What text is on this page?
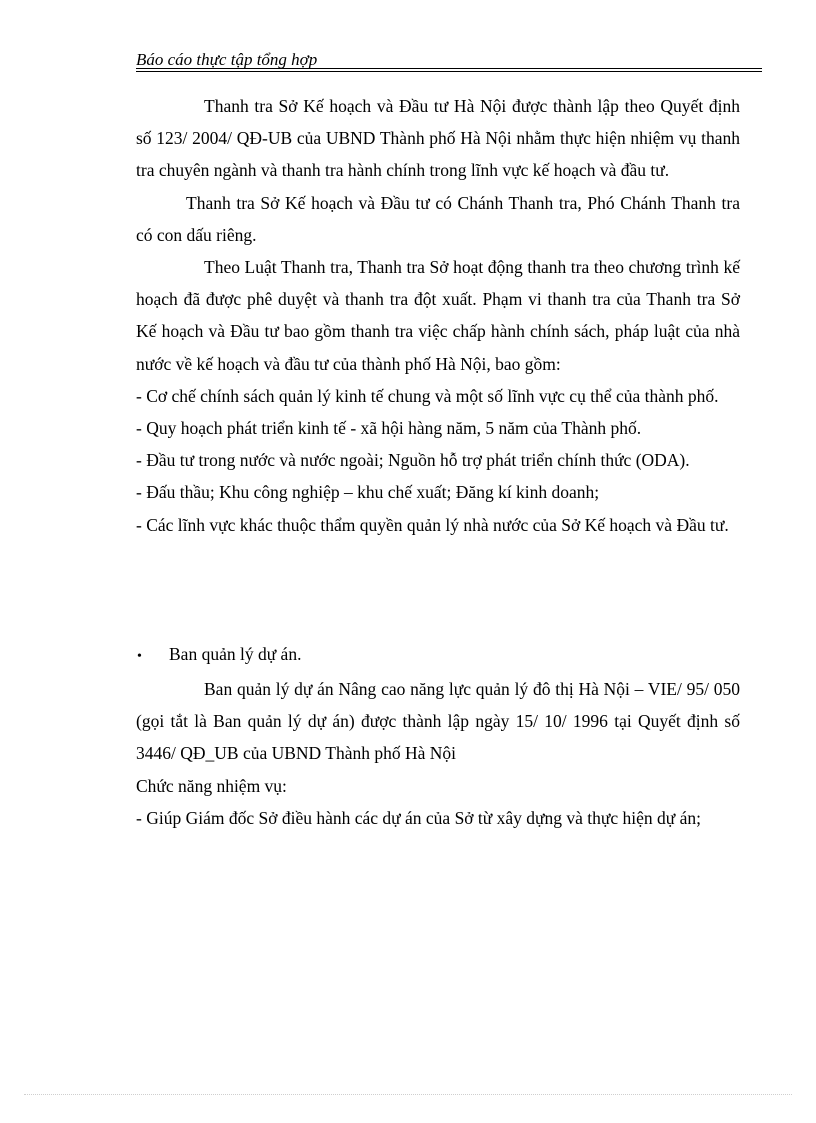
Báo cáo thực tập tổng hợp

Thanh tra Sở Kế hoạch và Đầu tư Hà Nội được thành lập theo Quyết định số 123/ 2004/ QĐ-UB của UBND Thành phố Hà Nội nhằm thực hiện nhiệm vụ thanh tra chuyên ngành và thanh tra hành chính trong lĩnh vực kế hoạch và đầu tư.

Thanh tra Sở Kế hoạch và Đầu tư có Chánh Thanh tra, Phó Chánh Thanh tra có con dấu riêng.

Theo Luật Thanh tra, Thanh tra Sở hoạt động thanh tra theo chương trình kế hoạch đã được phê duyệt và thanh tra đột xuất. Phạm vi thanh tra của Thanh tra Sở Kế hoạch và Đầu tư bao gồm thanh tra việc chấp hành chính sách, pháp luật của nhà nước về kế hoạch và đầu tư của thành phố Hà Nội, bao gồm:

- Cơ chế chính sách quản lý kinh tế chung và một số lĩnh vực cụ thể của thành phố.

- Quy hoạch phát triển kinh tế - xã hội hàng năm, 5 năm của Thành phố.

- Đầu tư trong nước và nước ngoài; Nguồn hỗ trợ phát triển chính thức (ODA).

- Đấu thầu; Khu công nghiệp – khu chế xuất; Đăng kí kinh doanh;

- Các lĩnh vực khác thuộc thẩm quyền quản lý nhà nước của Sở Kế hoạch và Đầu tư.

•	Ban quản lý dự án.

Ban quản lý dự án Nâng cao năng lực quản lý đô thị Hà Nội – VIE/ 95/ 050 (gọi tắt là Ban quản lý dự án) được thành lập ngày 15/ 10/ 1996 tại Quyết định số 3446/ QĐ_UB của UBND Thành phố Hà Nội

Chức năng nhiệm vụ:

- Giúp Giám đốc Sở điều hành các dự án của Sở từ xây dựng và thực hiện dự án;
